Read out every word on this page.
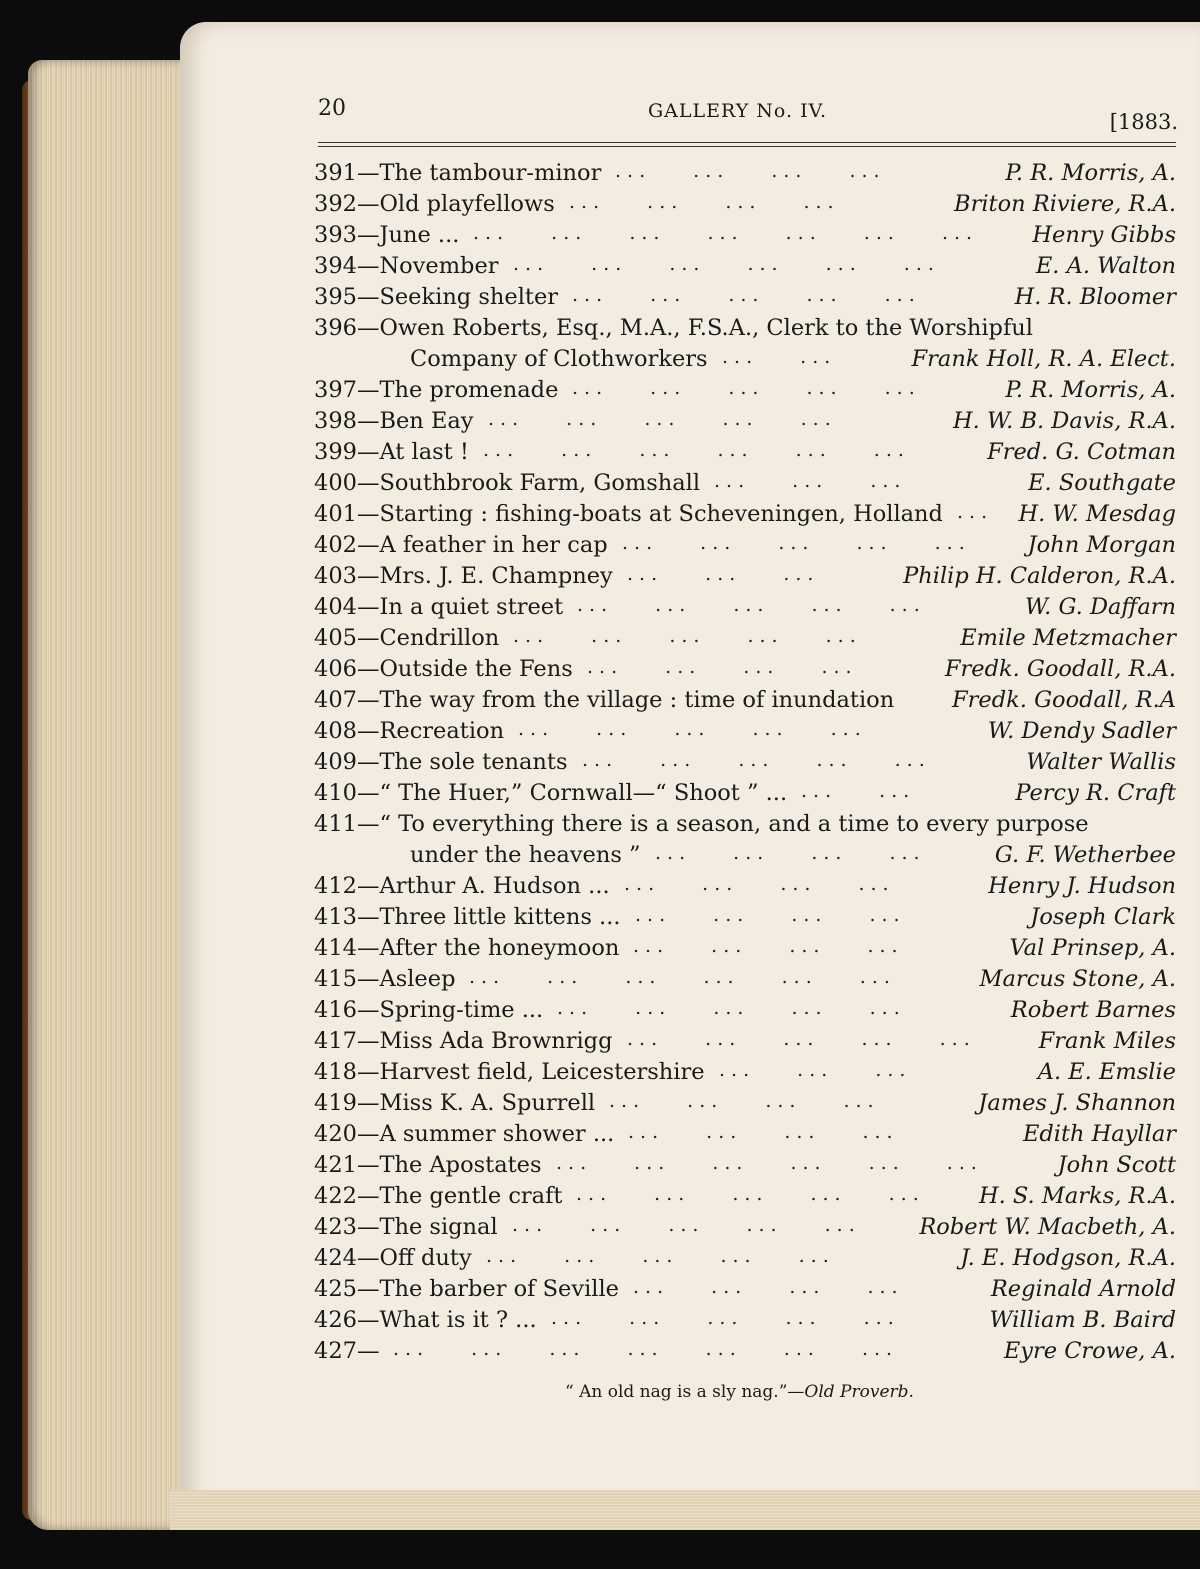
20	GALLERY No. IV.	[1883.
391—The tambour-minor	P. R. Morris, A.
... ... ... ...
392—Old playfellows	Briton Riviere, R.A.
... ... ... ...
393—June ...	Henry Gibbs
... ... ... ... ... ... ...
394—November	E. A. Walton
... ... ... ... ... ...
395—Seeking shelter	H. R. Bloomer
... ... ... ... ...
396—Owen Roberts, Esq., M.A., F.S.A., Clerk to the Worshipful
Company of Clothworkers	Frank Holl, R. A. Elect.
... ...
397—The promenade	P. R. Morris, A.
... ... ... ... ...
398—Ben Eay	H. W. B. Davis, R.A.
... ... ... ... ...
399—At last !	Fred. G. Cotman
... ... ... ... ... ...
400—Southbrook Farm, Gomshall	E. Southgate
... ... ...
401—Starting : fishing-boats at Scheveningen, Holland	H. W. Mesdag
...
402—A feather in her cap	John Morgan
... ... ... ... ...
403—Mrs. J. E. Champney	Philip H. Calderon, R.A.
... ... ...
404—In a quiet street	W. G. Daffarn
... ... ... ... ...
405—Cendrillon	Emile Metzmacher
... ... ... ... ...
406—Outside the Fens	Fredk. Goodall, R.A.
... ... ... ...
407—The way from the village : time of inundation	Fredk. Goodall, R.A
408—Recreation	W. Dendy Sadler
... ... ... ... ...
409—The sole tenants	Walter Wallis
... ... ... ... ...
410—“ The Huer,” Cornwall—“ Shoot ” ...	Percy R. Craft
... ...
411—“ To everything there is a season, and a time to every purpose
under the heavens ”	G. F. Wetherbee
... ... ... ...
412—Arthur A. Hudson ...	Henry J. Hudson
... ... ... ...
413—Three little kittens ...	Joseph Clark
... ... ... ...
414—After the honeymoon	Val Prinsep, A.
... ... ... ...
415—Asleep	Marcus Stone, A.
... ... ... ... ... ...
416—Spring-time ...	Robert Barnes
... ... ... ... ...
417—Miss Ada Brownrigg	Frank Miles
... ... ... ... ...
418—Harvest field, Leicestershire	A. E. Emslie
... ... ...
419—Miss K. A. Spurrell	James J. Shannon
... ... ... ...
420—A summer shower ...	Edith Hayllar
... ... ... ...
421—The Apostates	John Scott
... ... ... ... ... ...
422—The gentle craft	H. S. Marks, R.A.
... ... ... ... ...
423—The signal	Robert W. Macbeth, A.
... ... ... ... ...
424—Off duty	J. E. Hodgson, R.A.
... ... ... ... ...
425—The barber of Seville	Reginald Arnold
... ... ... ...
426—What is it ? ...	William B. Baird
... ... ... ... ...
427—	Eyre Crowe, A.
... ... ... ... ... ... ...
“ An old nag is a sly nag.”—Old Proverb.
